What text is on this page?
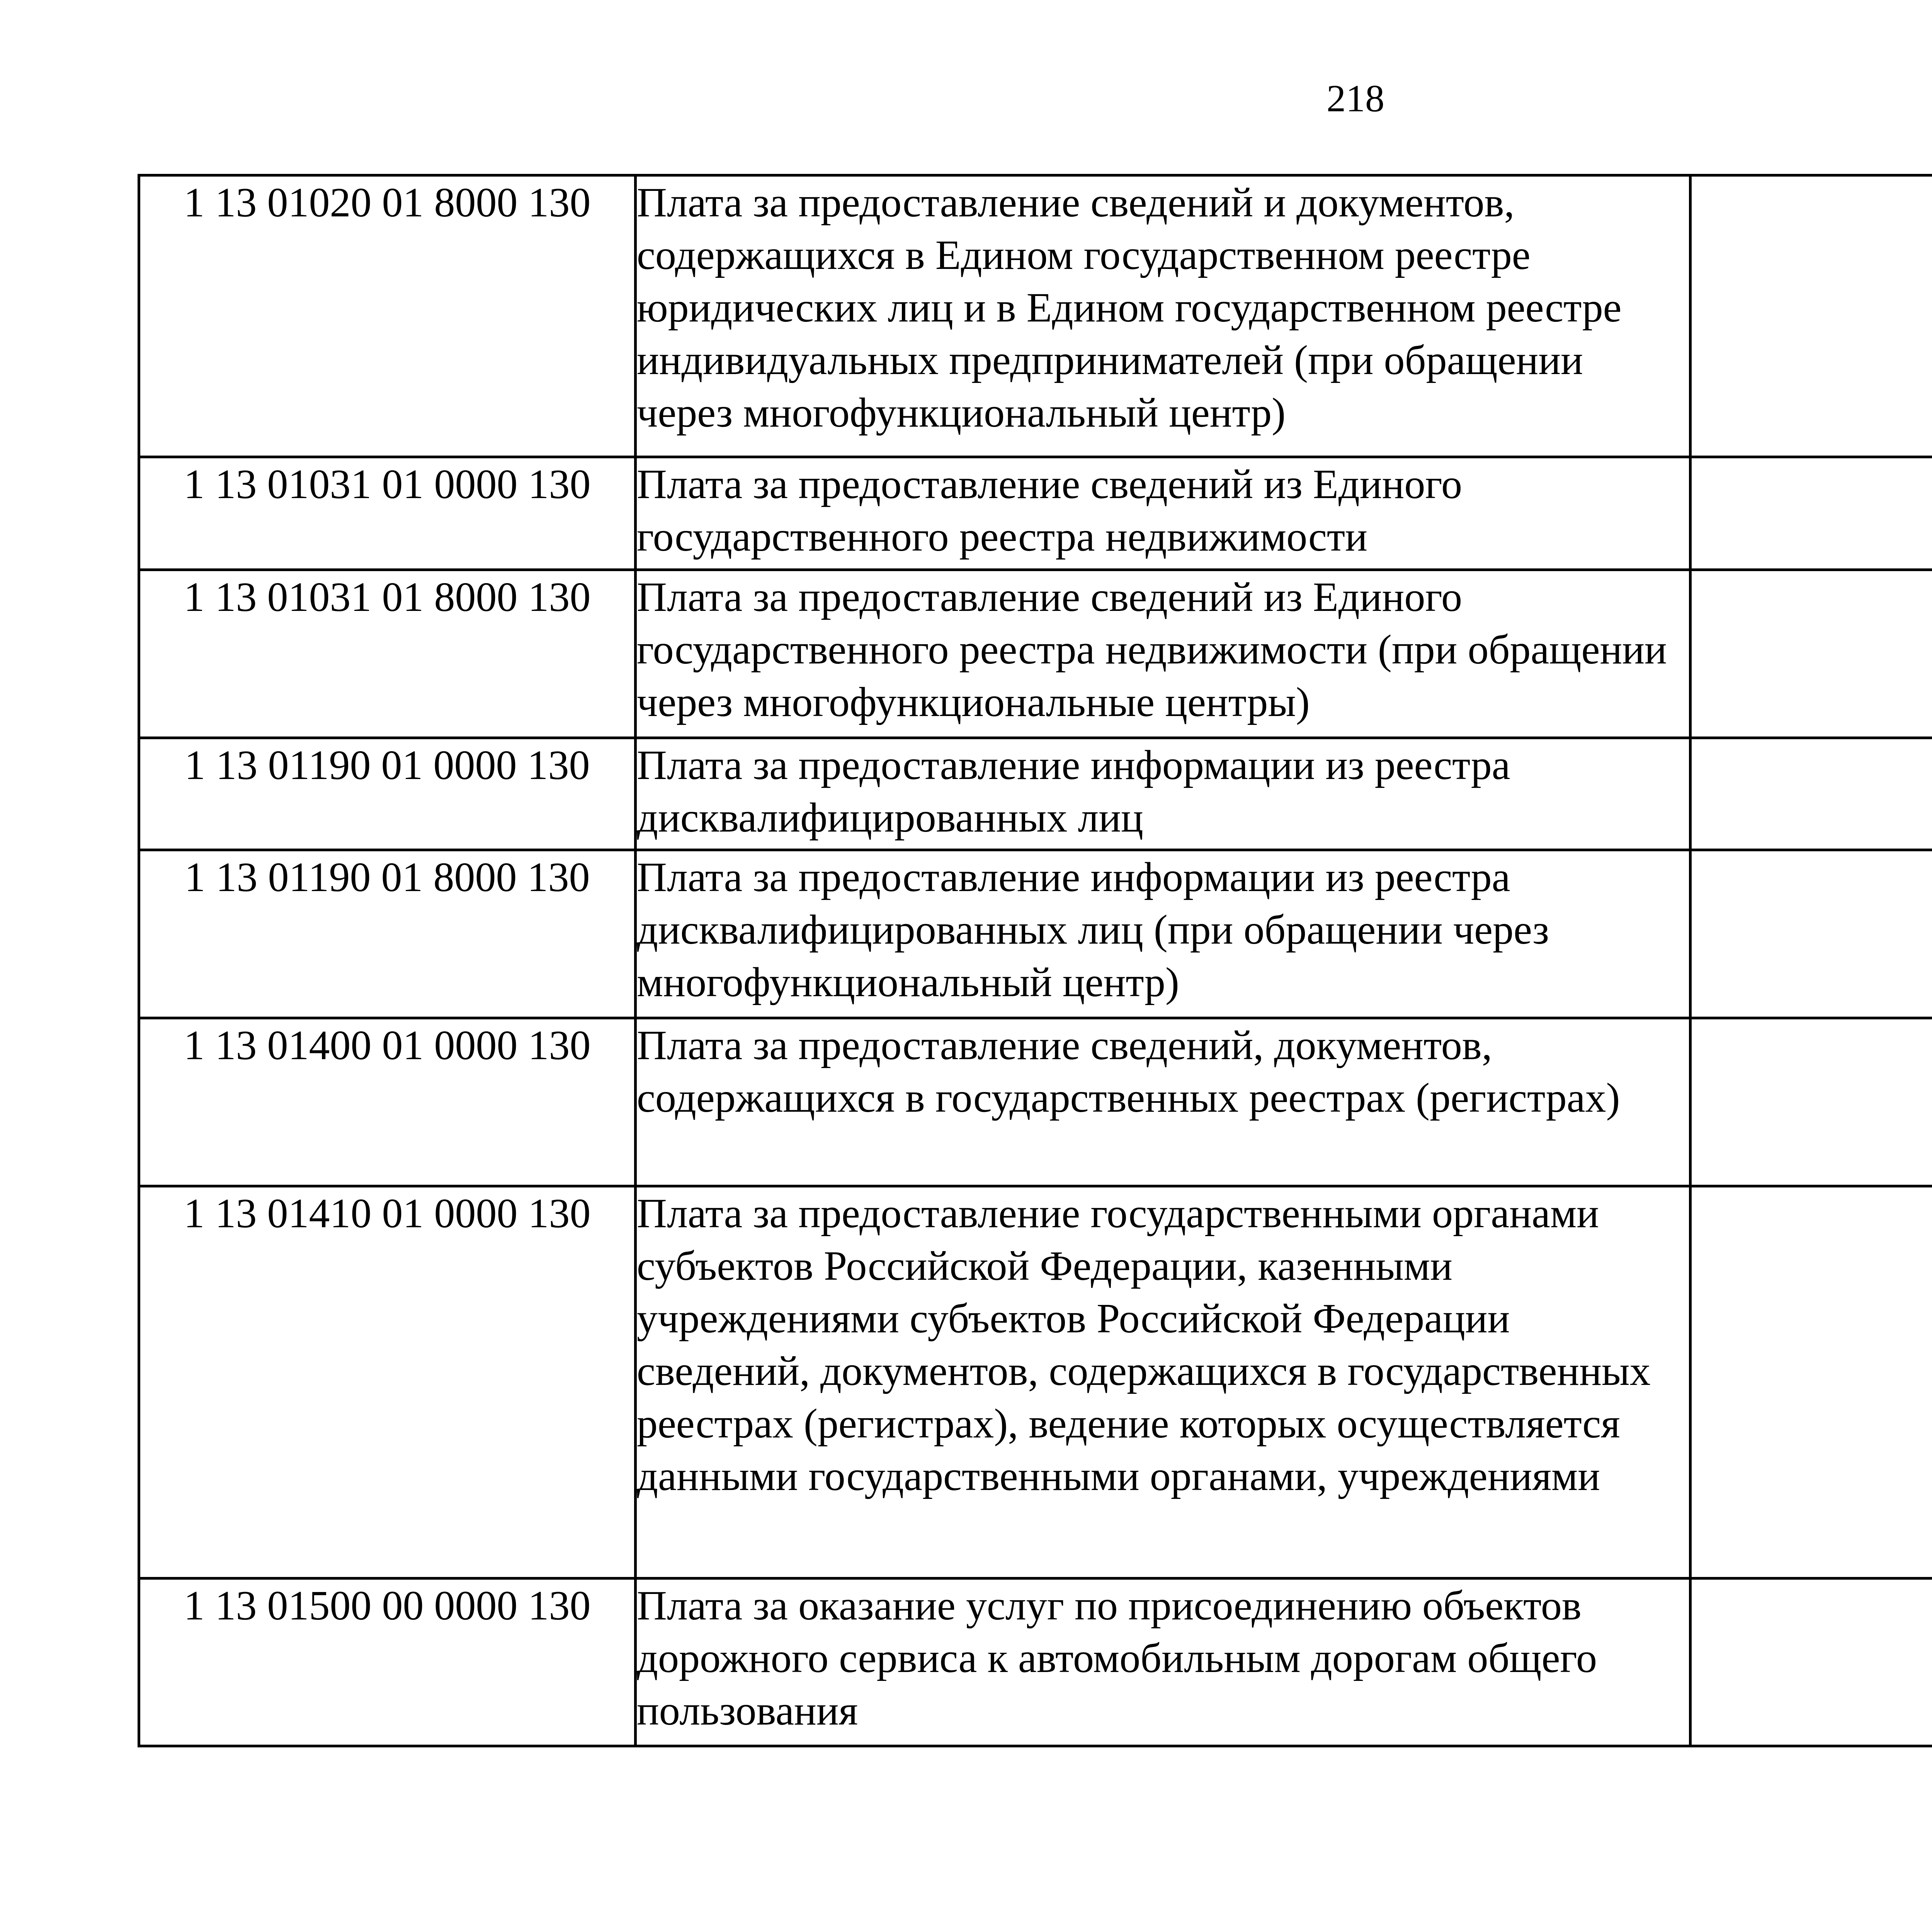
218
1 13 01020 01 8000 130	Плата за предоставление сведений и документов, содержащихся в Едином государственном реестре юридических лиц и в Едином государственном реестре индивидуальных предпринимателей (при обращении через многофункциональный центр)			
1 13 01031 01 0000 130	Плата за предоставление сведений из Единого государственного реестра недвижимости			
1 13 01031 01 8000 130	Плата за предоставление сведений из Единого государственного реестра недвижимости (при обращении через многофункциональные центры)			
1 13 01190 01 0000 130	Плата за предоставление информации из реестра дисквалифицированных лиц			
1 13 01190 01 8000 130	Плата за предоставление информации из реестра дисквалифицированных лиц (при обращении через многофункциональный центр)			
1 13 01400 01 0000 130	Плата за предоставление сведений, документов, содержащихся в государственных реестрах (регистрах)			
1 13 01410 01 0000 130	Плата за предоставление государственными органами субъектов Российской Федерации, казенными учреждениями субъектов Российской Федерации сведений, документов, содержащихся в государственных реестрах (регистрах), ведение которых осуществляется данными государственными органами, учреждениями			
1 13 01500 00 0000 130	Плата за оказание услуг по присоединению объектов дорожного сервиса к автомобильным дорогам общего пользования			
